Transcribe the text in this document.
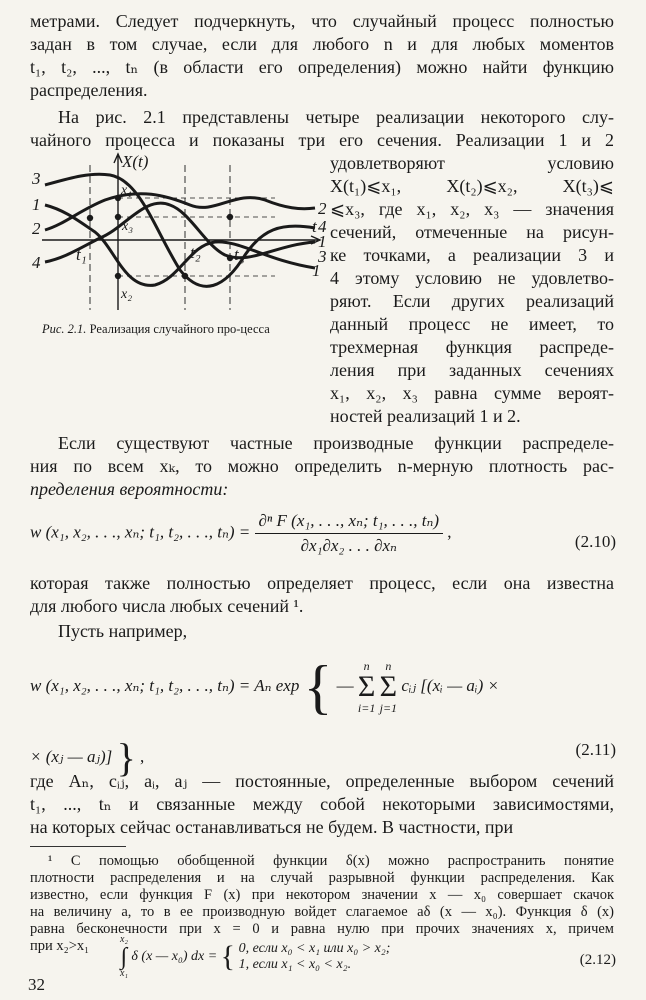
метрами. Следует подчеркнуть, что случайный процесс полностью
задан в том случае, если для любого n и для любых моментов
t₁, t₂, ..., tₙ (в области его определения) можно найти функцию
распределения.
На рис. 2.1 представлены четыре реализации некоторого слу-
чайного процесса и показаны три его сечения. Реализации 1 и 2
удовлетворяют условию
X(t₁)⩽x₁, X(t₂)⩽x₂, X(t₃)⩽
⩽x₃, где x₁, x₂, x₃ — значения
сечений, отмеченные на рисун-
ке точками, а реализации 3 и
4 этому условию не удовлетво-
ряют. Если других реализаций
данный процесс не имеет, то
трехмерная функция распреде-
ления при заданных сечениях
x₁, x₂, x₃ равна сумме вероят-
ностей реализаций 1 и 2.
X(t)
t
3
1
2
4
2
4
1
3
1
t₁	t₂ t₃
x₁
x₃
x₂
Рис. 2.1. Реализация случайного про-цесса
Если существуют частные производные функции распределе-
ния по всем xₖ, то можно определить n-мерную плотность рас-
пределения вероятности:
w (x₁, x₂, . . ., xₙ; t₁, t₂, . . ., $t_n) = \frac{\text{∂ⁿ F (x₁, . . ., xₙ; t₁, . . ., tₙ)}}{\text{∂x₁∂x₂ . . . ∂xₙ}}$ ,
(2.10)
которая также полностью определяет процесс, если она известна
для любого числа любых сечений ¹.
Пусть например,
w (x₁, x₂, . . ., xₙ; t₁, t₂, . . ., tₙ) = Aₙ exp { — n
Σ
i=1 n
Σ
j=1 cᵢⱼ [(xᵢ — aᵢ) ×
× (xⱼ — aⱼ)] } ,	(2.11)
где Aₙ, cᵢⱼ, aᵢ, aⱼ — постоянные, определенные выбором сечений
t₁, ..., tₙ и связанные между собой некоторыми зависимостями,
на которых сейчас останавливаться не будем. В частности, при
¹ С помощью обобщенной функции δ(x) можно распространить понятие
плотности распределения и на случай разрывной функции распределения. Как
известно, если функция F (x) при некотором значении x — x₀ совершает скачок
на величину a, то в ее производную войдет слагаемое aδ (x — x₀). Функция δ (x)
равна бесконечности при x = 0 и равна нулю при прочих значениях x, причем
при x₂>x₁	x₂
∫
x₁ δ (x — x₀) dx = { 0, если x₀ < x₁ или x₀ > x₂;
1, если x₁ < x₀ < x₂.	(2.12)
32
